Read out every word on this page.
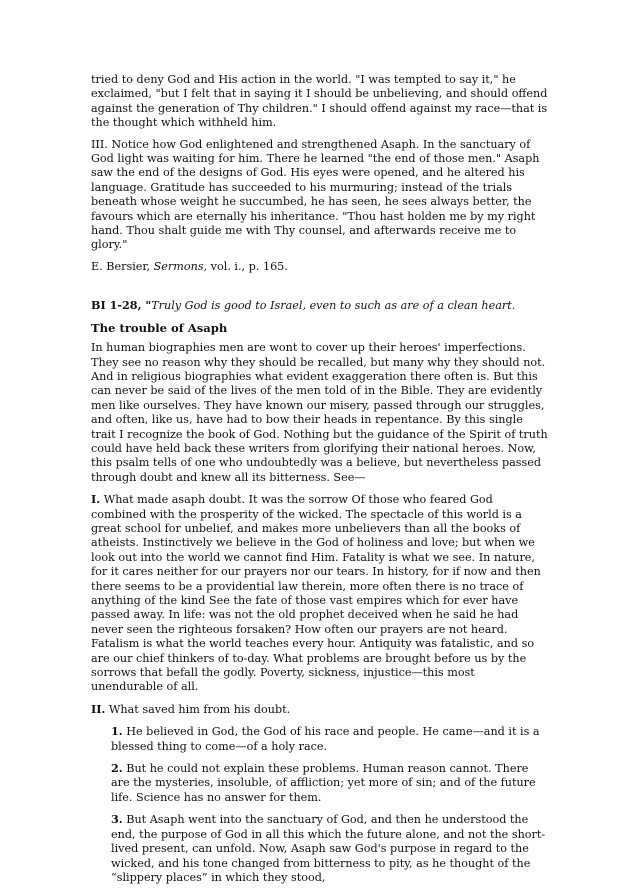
tried to deny God and His action in the world. "I was tempted to say it," he exclaimed, "but I felt that in saying it I should be unbelieving, and should offend against the generation of Thy children." I should offend against my race—that is the thought which withheld him.

III. Notice how God enlightened and strengthened Asaph. In the sanctuary of God light was waiting for him. There he learned "the end of those men." Asaph saw the end of the designs of God. His eyes were opened, and he altered his language. Gratitude has succeeded to his murmuring; instead of the trials beneath whose weight he succumbed, he has seen, he sees always better, the favours which are eternally his inheritance. "Thou hast holden me by my right hand. Thou shalt guide me with Thy counsel, and afterwards receive me to glory."

E. Bersier, Sermons, vol. i., p. 165.

BI 1-28, "Truly God is good to Israel, even to such as are of a clean heart.

The trouble of Asaph

In human biographies men are wont to cover up their heroes' imperfections. They see no reason why they should be recalled, but many why they should not. And in religious biographies what evident exaggeration there often is. But this can never be said of the lives of the men told of in the Bible. They are evidently men like ourselves. They have known our misery, passed through our struggles, and often, like us, have had to bow their heads in repentance. By this single trait I recognize the book of God. Nothing but the guidance of the Spirit of truth could have held back these writers from glorifying their national heroes. Now, this psalm tells of one who undoubtedly was a believe, but nevertheless passed through doubt and knew all its bitterness. See—

I. What made asaph doubt. It was the sorrow Of those who feared God combined with the prosperity of the wicked. The spectacle of this world is a great school for unbelief, and makes more unbelievers than all the books of atheists. Instinctively we believe in the God of holiness and love; but when we look out into the world we cannot find Him. Fatality is what we see. In nature, for it cares neither for our prayers nor our tears. In history, for if now and then there seems to be a providential law therein, more often there is no trace of anything of the kind See the fate of those vast empires which for ever have passed away. In life: was not the old prophet deceived when he said he had never seen the righteous forsaken? How often our prayers are not heard. Fatalism is what the world teaches every hour. Antiquity was fatalistic, and so are our chief thinkers of to-day. What problems are brought before us by the sorrows that befall the godly. Poverty, sickness, injustice—this most unendurable of all.

II. What saved him from his doubt.

1. He believed in God, the God of his race and people. He came—and it is a blessed thing to come—of a holy race.

2. But he could not explain these problems. Human reason cannot. There are the mysteries, insoluble, of affliction; yet more of sin; and of the future life. Science has no answer for them.

3. But Asaph went into the sanctuary of God, and then he understood the end, the purpose of God in all this which the future alone, and not the short-lived present, can unfold. Now, Asaph saw God's purpose in regard to the wicked, and his tone changed from bitterness to pity, as he thought of the “slippery places” in which they stood,
